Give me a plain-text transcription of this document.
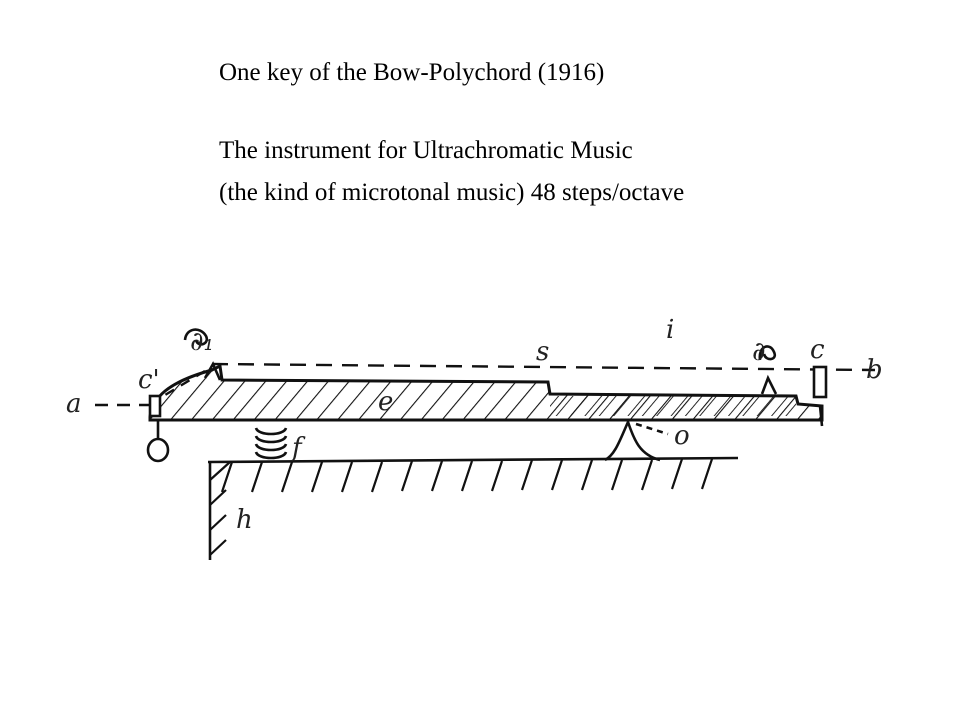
One key of the Bow-Polychord (1916)
The instrument for Ultrachromatic Music
(the kind of microtonal music) 48 steps/octave
a
c'
∂₁	s
i
∂ c
b
e
f	o
h
